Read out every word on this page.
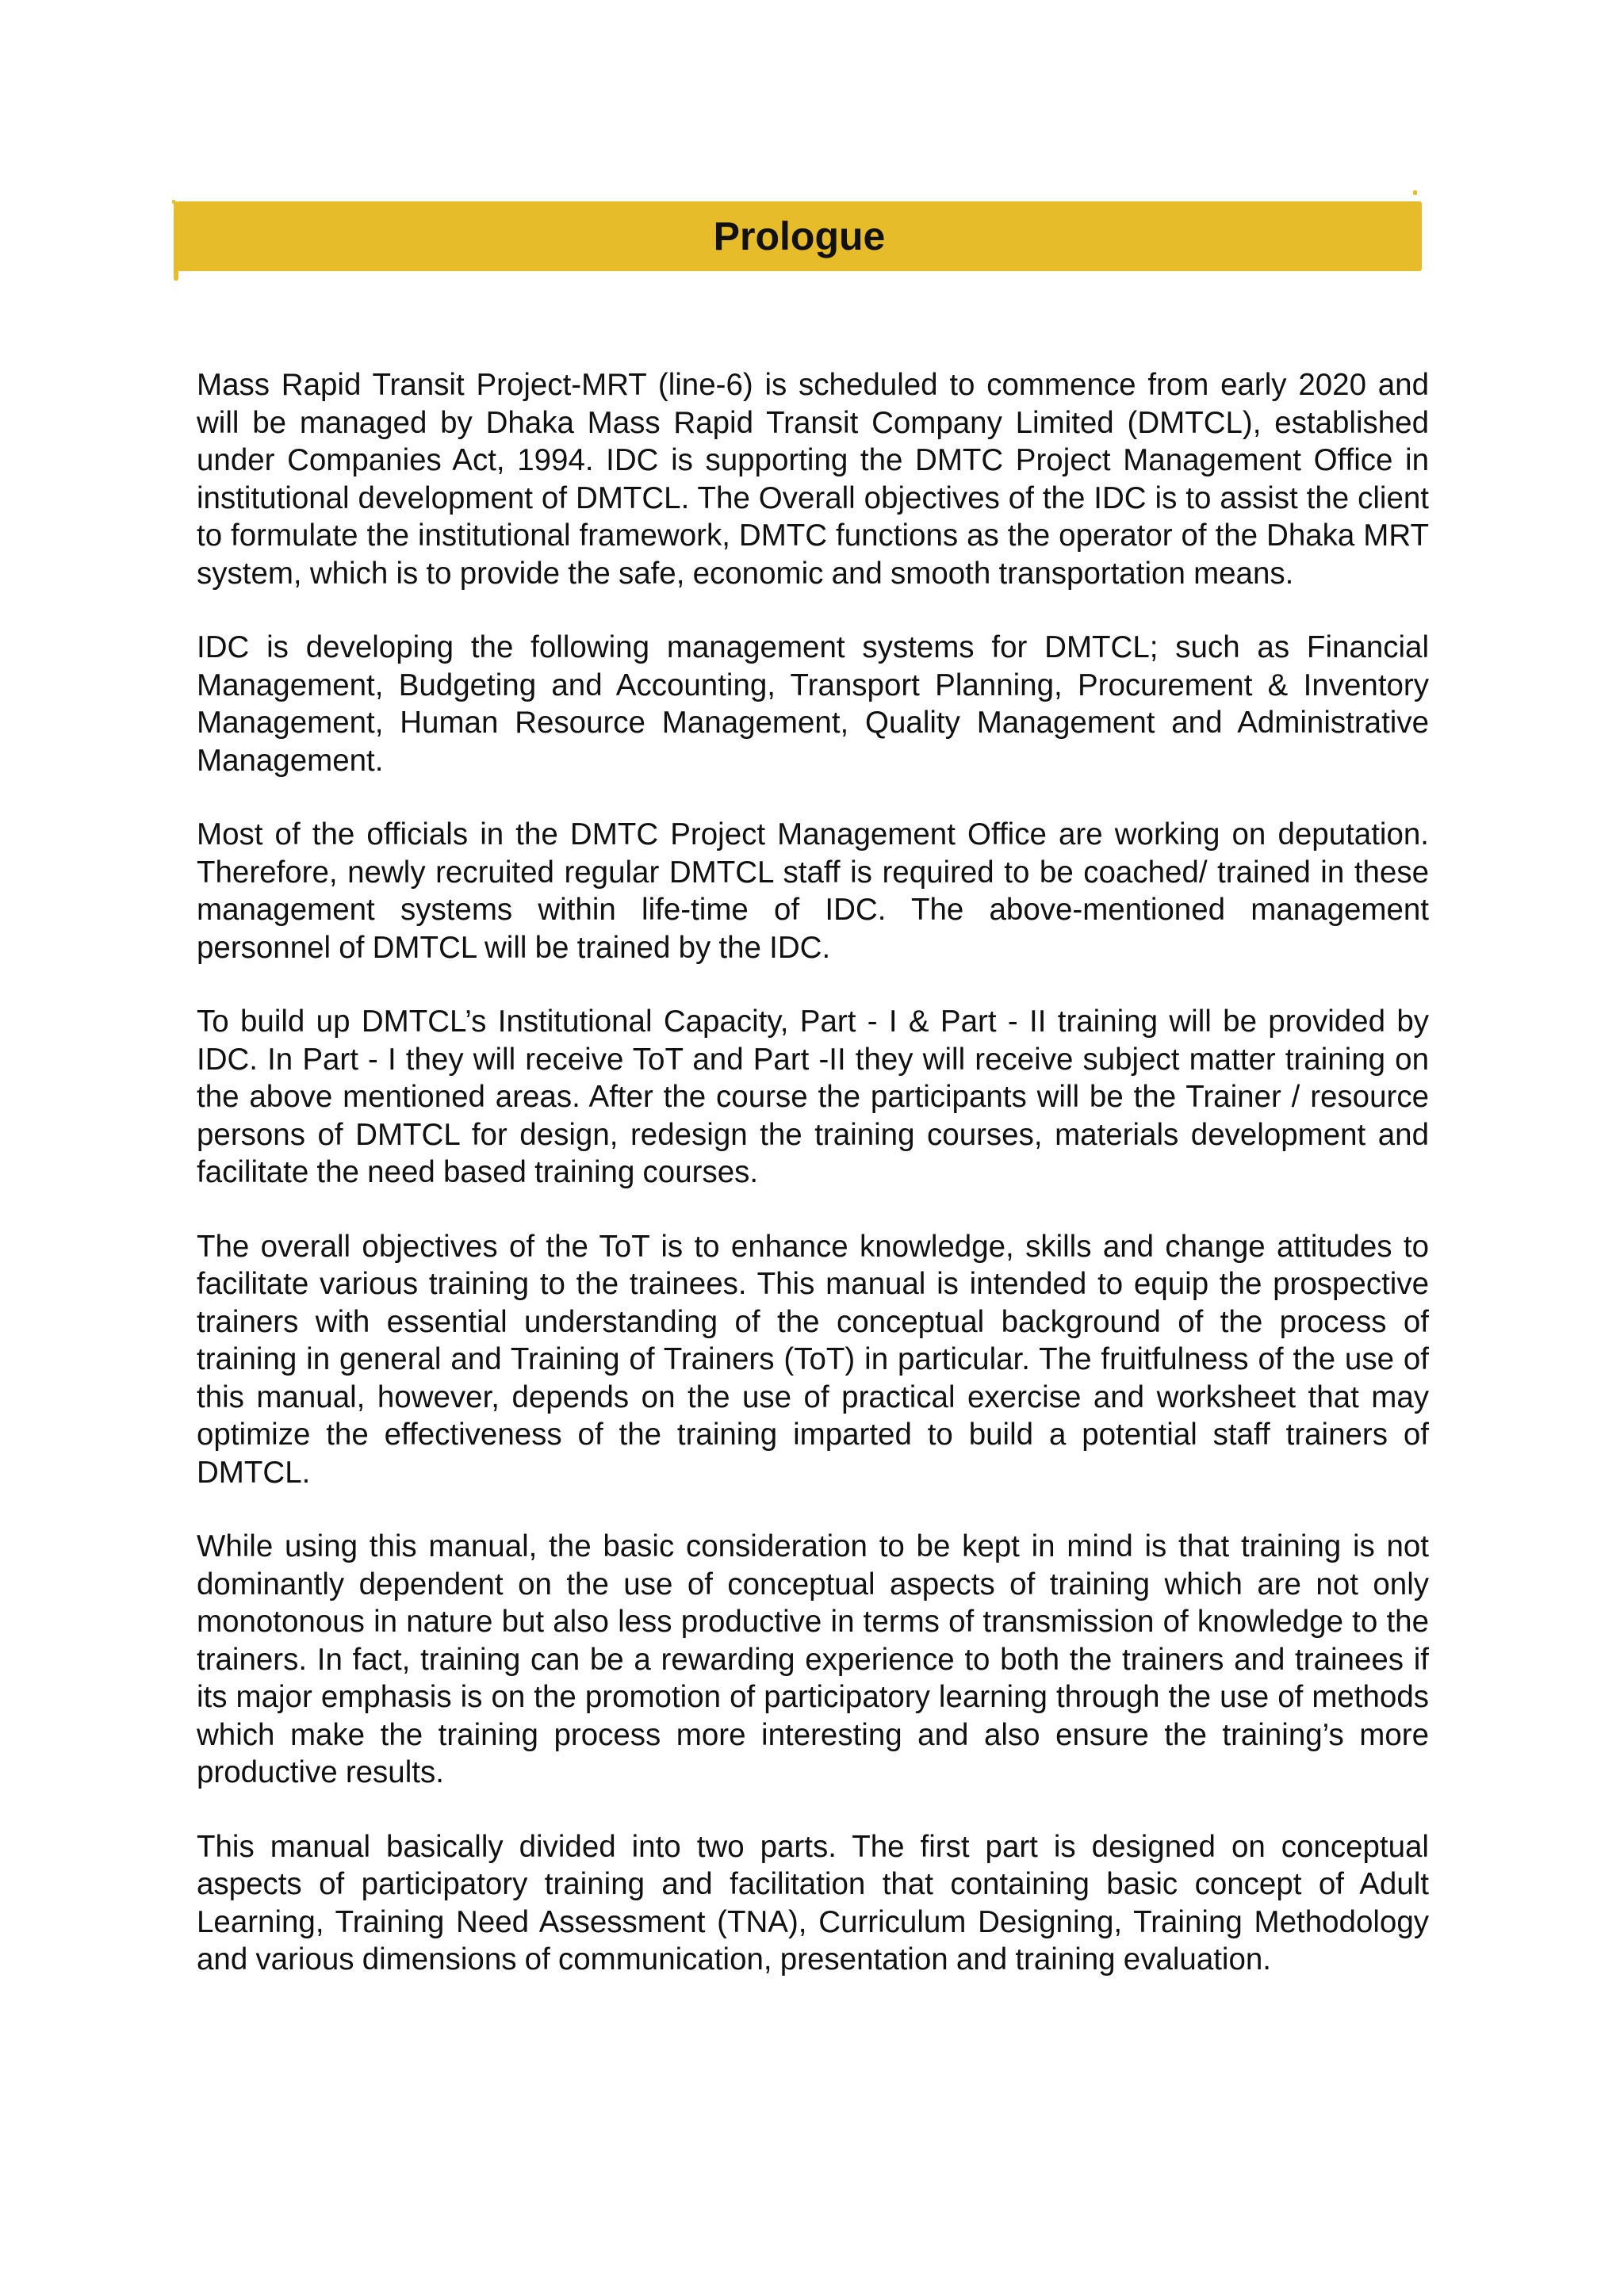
Prologue

Mass Rapid Transit Project-MRT (line-6) is scheduled to commence from early 2020 and will be managed by Dhaka Mass Rapid Transit Company Limited (DMTCL), established under Companies Act, 1994. IDC is supporting the DMTC Project Management Office in institutional development of DMTCL. The Overall objectives of the IDC is to assist the client to formulate the institutional framework, DMTC functions as the operator of the Dhaka MRT system, which is to provide the safe, economic and smooth transportation means.

IDC is developing the following management systems for DMTCL; such as Financial Management, Budgeting and Accounting, Transport Planning, Procurement & Inventory Management, Human Resource Management, Quality Management and Administrative Management.

Most of the officials in the DMTC Project Management Office are working on deputation. Therefore, newly recruited regular DMTCL staff is required to be coached/ trained in these management systems within life-time of IDC. The above-mentioned management personnel of DMTCL will be trained by the IDC.

To build up DMTCL’s Institutional Capacity, Part - I & Part - II training will be provided by IDC. In Part - I they will receive ToT and Part -II they will receive subject matter training on the above mentioned areas. After the course the participants will be the Trainer / resource persons of DMTCL for design, redesign the training courses, materials development and facilitate the need based training courses.

The overall objectives of the ToT is to enhance knowledge, skills and change attitudes to facilitate various training to the trainees. This manual is intended to equip the prospective trainers with essential understanding of the conceptual background of the process of training in general and Training of Trainers (ToT) in particular. The fruitfulness of the use of this manual, however, depends on the use of practical exercise and worksheet that may optimize the effectiveness of the training imparted to build a potential staff trainers of DMTCL.

While using this manual, the basic consideration to be kept in mind is that training is not dominantly dependent on the use of conceptual aspects of training which are not only monotonous in nature but also less productive in terms of transmission of knowledge to the trainers. In fact, training can be a rewarding experience to both the trainers and trainees if its major emphasis is on the promotion of participatory learning through the use of methods which make the training process more interesting and also ensure the training’s more productive results.

This manual basically divided into two parts. The first part is designed on conceptual aspects of participatory training and facilitation that containing basic concept of Adult Learning, Training Need Assessment (TNA), Curriculum Designing, Training Methodology and various dimensions of communication, presentation and training evaluation.
